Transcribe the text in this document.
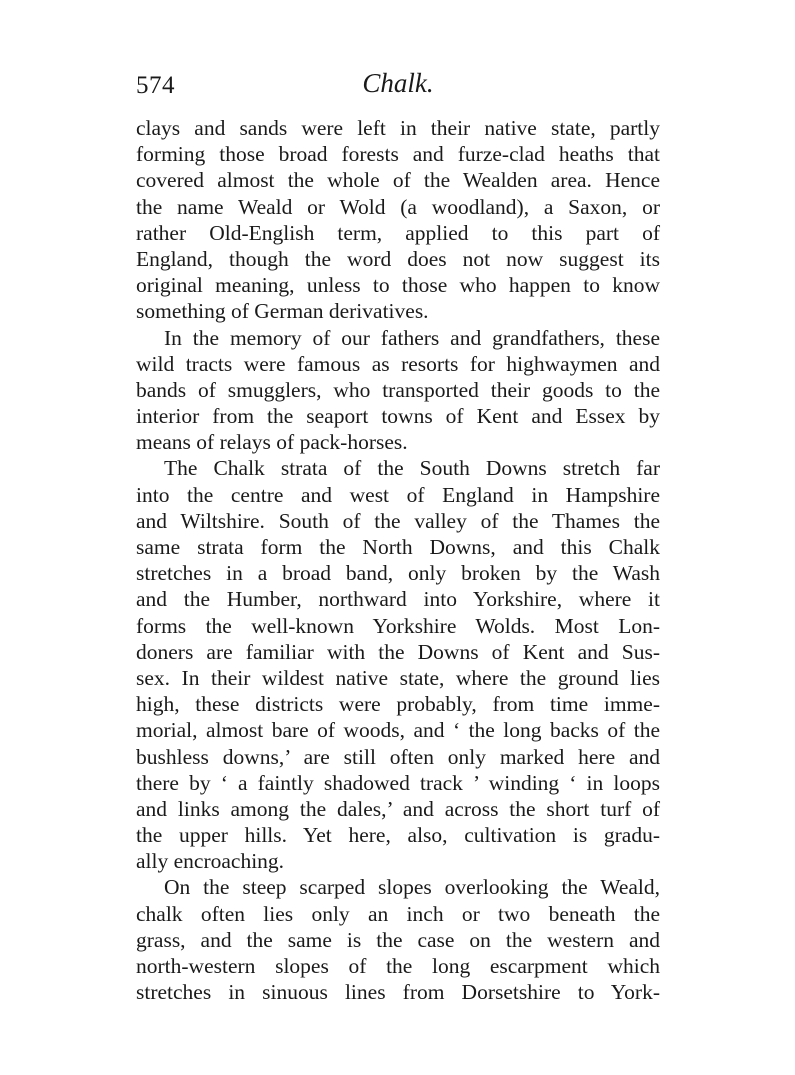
574	Chalk.
clays and sands were left in their native state, partly
forming those broad forests and furze-clad heaths that
covered almost the whole of the Wealden area. Hence
the name Weald or Wold (a woodland), a Saxon, or
rather Old-English term, applied to this part of
England, though the word does not now suggest its
original meaning, unless to those who happen to know
something of German derivatives.
In the memory of our fathers and grandfathers, these
wild tracts were famous as resorts for highwaymen and
bands of smugglers, who transported their goods to the
interior from the seaport towns of Kent and Essex by
means of relays of pack-horses.
The Chalk strata of the South Downs stretch far
into the centre and west of England in Hampshire
and Wiltshire. South of the valley of the Thames the
same strata form the North Downs, and this Chalk
stretches in a broad band, only broken by the Wash
and the Humber, northward into Yorkshire, where it
forms the well-known Yorkshire Wolds. Most Lon-
doners are familiar with the Downs of Kent and Sus-
sex. In their wildest native state, where the ground lies
high, these districts were probably, from time imme-
morial, almost bare of woods, and ‘ the long backs of the
bushless downs,’ are still often only marked here and
there by ‘ a faintly shadowed track ’ winding ‘ in loops
and links among the dales,’ and across the short turf of
the upper hills. Yet here, also, cultivation is gradu-
ally encroaching.
On the steep scarped slopes overlooking the Weald,
chalk often lies only an inch or two beneath the
grass, and the same is the case on the western and
north-western slopes of the long escarpment which
stretches in sinuous lines from Dorsetshire to York-
